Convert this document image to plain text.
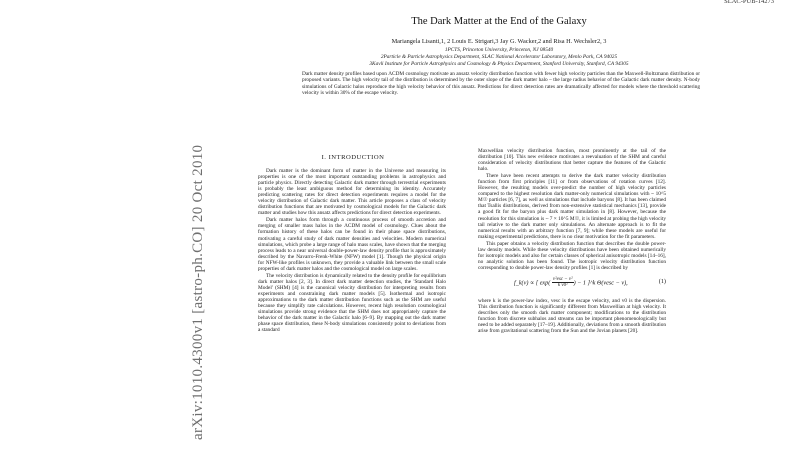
SLAC-PUB-14273
arXiv:1010.4300v1 [astro-ph.CO] 20 Oct 2010
The Dark Matter at the End of the Galaxy
Mariangela Lisanti,1, 2 Louis E. Strigari,3 Jay G. Wacker,2 and Risa H. Wechsler2, 3
1PCTS, Princeton University, Princeton, NJ 08540
2Particle & Particle Astrophysics Department, SLAC National Accelerator Laboratory, Menlo Park, CA 94025
3Kavli Institute for Particle Astrophysics and Cosmology & Physics Department, Stanford University, Stanford, CA 94305
Dark matter density profiles based upon ΛCDM cosmology motivate an ansatz velocity distribution function with fewer high velocity particles than the Maxwell-Boltzmann distribution or proposed variants. The high velocity tail of the distribution is determined by the outer slope of the dark matter halo – the large radius behavior of the Galactic dark matter density. N-body simulations of Galactic halos reproduce the high velocity behavior of this ansatz. Predictions for direct detection rates are dramatically affected for models where the threshold scattering velocity is within 30% of the escape velocity.
I. INTRODUCTION

Dark matter is the dominant form of matter in the Universe and measuring its properties is one of the most important outstanding problems in astrophysics and particle physics. Directly detecting Galactic dark matter through terrestrial experiments is probably the least ambiguous method for determining its identity. Accurately predicting scattering rates for direct detection experiments requires a model for the velocity distribution of Galactic dark matter. This article proposes a class of velocity distribution functions that are motivated by cosmological models for the Galactic dark matter and studies how this ansatz affects predictions for direct detection experiments.

Dark matter halos form through a continuous process of smooth accretion and merging of smaller mass halos in the ΛCDM model of cosmology. Clues about the formation history of these halos can be found in their phase space distributions, motivating a careful study of dark matter densities and velocities. Modern numerical simulations, which probe a large range of halo mass scales, have shown that the merging process leads to a near universal double-power-law density profile that is approximately described by the Navarro-Frenk-White (NFW) model [1]. Though the physical origin for NFW-like profiles is unknown, they provide a valuable link between the small scale properties of dark matter halos and the cosmological model on large scales.

The velocity distribution is dynamically related to the density profile for equilibrium dark matter halos [2, 3]. In direct dark matter detection studies, the 'Standard Halo Model' (SHM) [4] is the canonical velocity distribution for interpreting results from experiments and constraining dark matter models [5]. Isothermal and isotropic approximations to the dark matter distribution functions such as the SHM are useful because they simplify rate calculations. However, recent high resolution cosmological simulations provide strong evidence that the SHM does not appropriately capture the behavior of the dark matter in the Galactic halo [6–9]. By mapping out the dark matter phase space distribution, these N-body simulations consistently point to deviations from a standard

Maxwellian velocity distribution function, most prominently at the tail of the distribution [10]. This new evidence motivates a reevaluation of the SHM and careful consideration of velocity distributions that better capture the features of the Galactic halo.

There have been recent attempts to derive the dark matter velocity distribution function from first principles [11] or from observations of rotation curves [12]. However, the resulting models over-predict the number of high velocity particles compared to the highest resolution dark matter-only numerical simulations with ~ 10^5 M☉ particles [6, 7], as well as simulations that include baryons [8]. It has been claimed that Tsallis distributions, derived from non-extensive statistical mechanics [13], provide a good fit for the baryon plus dark matter simulation in [8]. However, because the resolution for this simulation is ~ 7 × 10^5 M☉, it is limited at probing the high velocity tail relative to the dark matter only simulations. An alternate approach is to fit the numerical results with an arbitrary function [7, 9]; while these models are useful for making experimental predictions, there is no clear motivation for the fit parameters.

This paper obtains a velocity distribution function that describes the double power-law density models. While these velocity distributions have been obtained numerically for isotropic models and also for certain classes of spherical anisotropic models [14–16], no analytic solution has been found. The isotropic velocity distribution function corresponding to double power-law density profiles [1] is described by

f_k(v) ∝ [ $\exp( \frac{\text{v²esc − v²}}{\text{k v0²}}$ ) − 1 ]^k Θ(vesc − v),	(1)

where k is the power-law index, vesc is the escape velocity, and v0 is the dispersion. This distribution function is significantly different from Maxwellian at high velocity. It describes only the smooth dark matter component; modifications to the distribution function from discrete subhalos and streams can be important phenomenologically but need to be added separately [17–19]. Additionally, deviations from a smooth distribution arise from gravitational scattering from the Sun and the Jovian planets [20].
